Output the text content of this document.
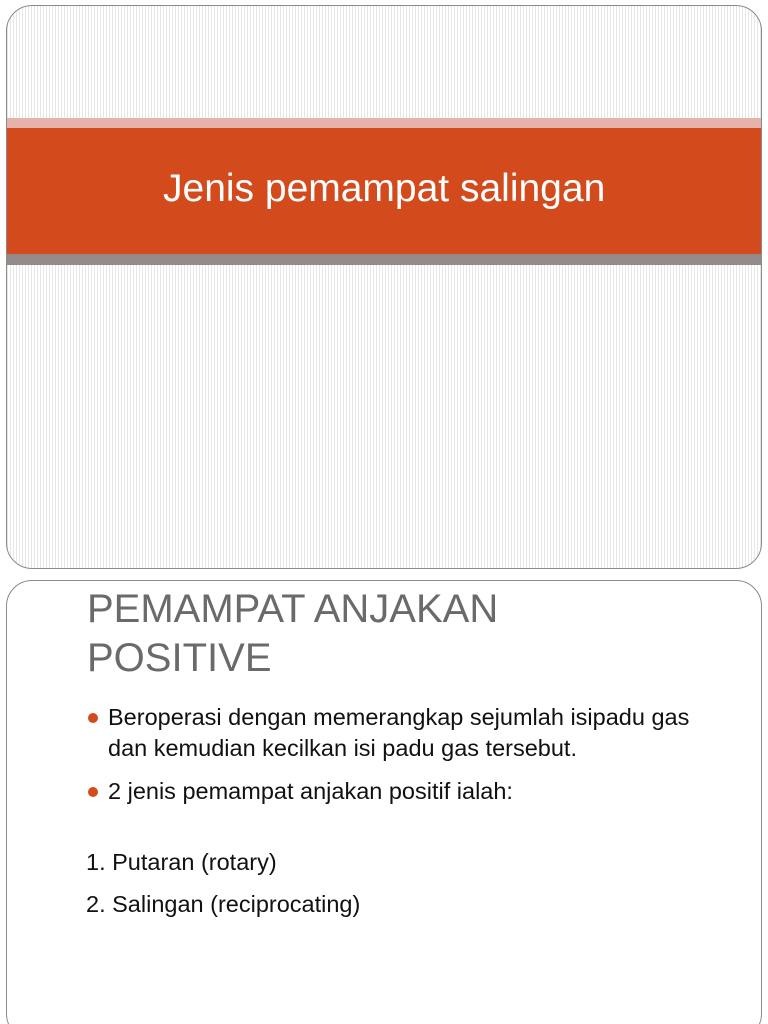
Jenis pemampat salingan
PEMAMPAT ANJAKAN POSITIVE
Beroperasi dengan memerangkap sejumlah isipadu gas dan kemudian kecilkan isi padu gas tersebut.
2 jenis pemampat anjakan positif ialah:
1. Putaran (rotary)
2. Salingan (reciprocating)
